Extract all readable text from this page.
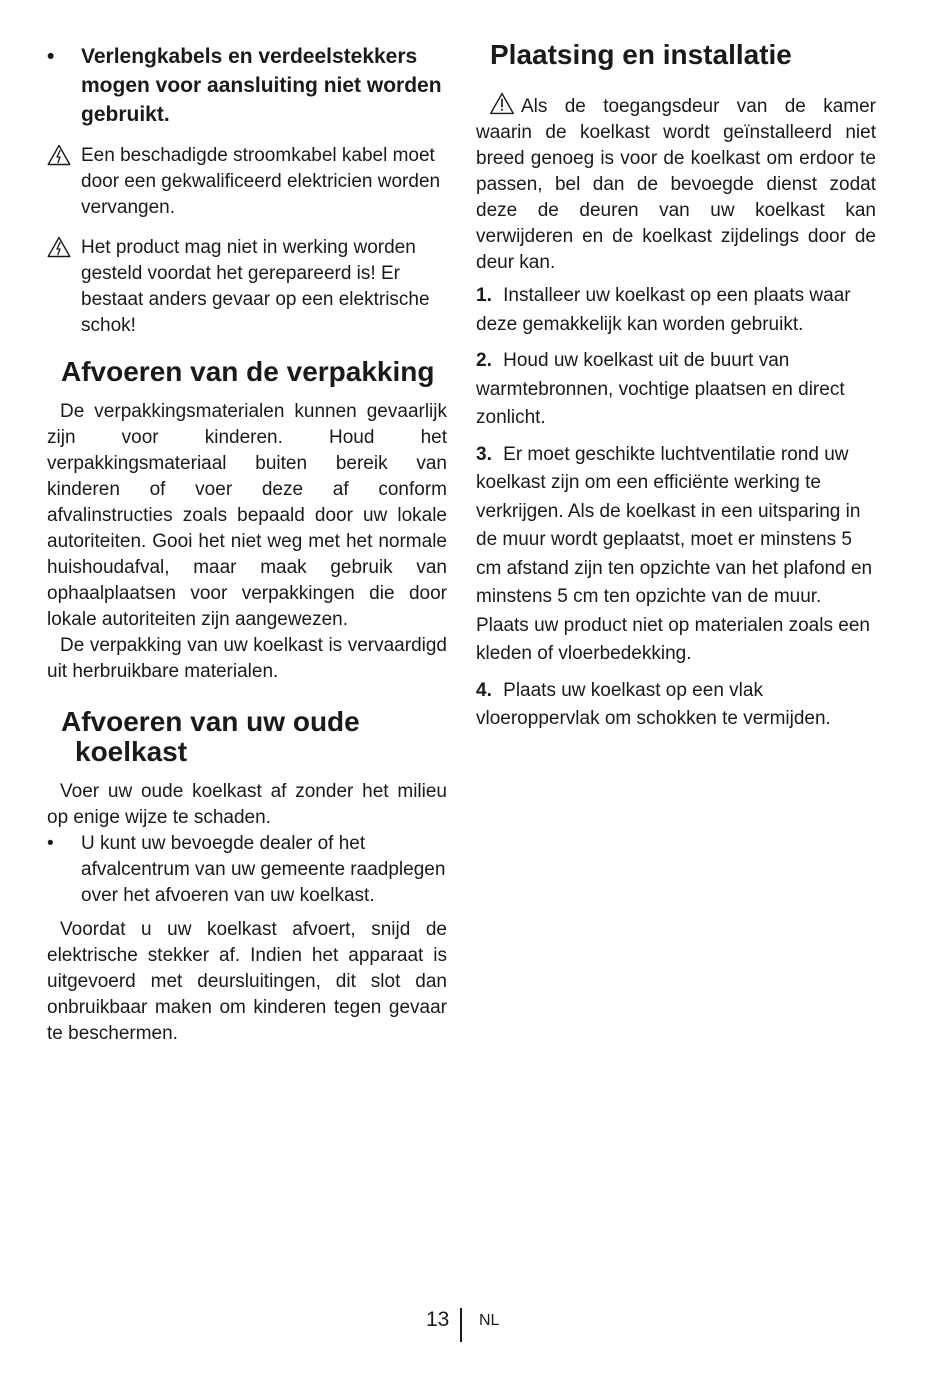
• Verlengkabels en verdeelstekkers mogen voor aansluiting niet worden gebruikt.
Een beschadigde stroomkabel kabel moet door een gekwalificeerd elektricien worden vervangen.
Het product mag niet in werking worden gesteld voordat het gerepareerd is! Er bestaat anders gevaar op een elektrische schok!
Afvoeren van de verpakking

De verpakkingsmaterialen kunnen gevaarlijk zijn voor kinderen. Houd het verpakkingsmateriaal buiten bereik van kinderen of voer deze af conform afvalinstructies zoals bepaald door uw lokale autoriteiten. Gooi het niet weg met het normale huishoudafval, maar maak gebruik van ophaalplaatsen voor verpakkingen die door lokale autoriteiten zijn aangewezen.

De verpakking van uw koelkast is vervaardigd uit herbruikbare materialen.

Afvoeren van uw oude koelkast

Voer uw oude koelkast af zonder het milieu op enige wijze te schaden.

• U kunt uw bevoegde dealer of het afvalcentrum van uw gemeente raadplegen over het afvoeren van uw koelkast.

Voordat u uw koelkast afvoert, snijd de elektrische stekker af. Indien het apparaat is uitgevoerd met deursluitingen, dit slot dan onbruikbaar maken om kinderen tegen gevaar te beschermen.

Plaatsing en installatie

Als de toegangsdeur van de kamer waarin de koelkast wordt geïnstalleerd niet breed genoeg is voor de koelkast om erdoor te passen, bel dan de bevoegde dienst zodat deze de deuren van uw koelkast kan verwijderen en de koelkast zijdelings door de deur kan.

1. Installeer uw koelkast op een plaats waar deze gemakkelijk kan worden gebruikt.
2. Houd uw koelkast uit de buurt van warmtebronnen, vochtige plaatsen en direct zonlicht.
3. Er moet geschikte luchtventilatie rond uw koelkast zijn om een efficiënte werking te verkrijgen. Als de koelkast in een uitsparing in de muur wordt geplaatst, moet er minstens 5 cm afstand zijn ten opzichte van het plafond en minstens 5 cm ten opzichte van de muur. Plaats uw product niet op materialen zoals een kleden of vloerbedekking.
4. Plaats uw koelkast op een vlak vloeroppervlak om schokken te vermijden.
13 NL
